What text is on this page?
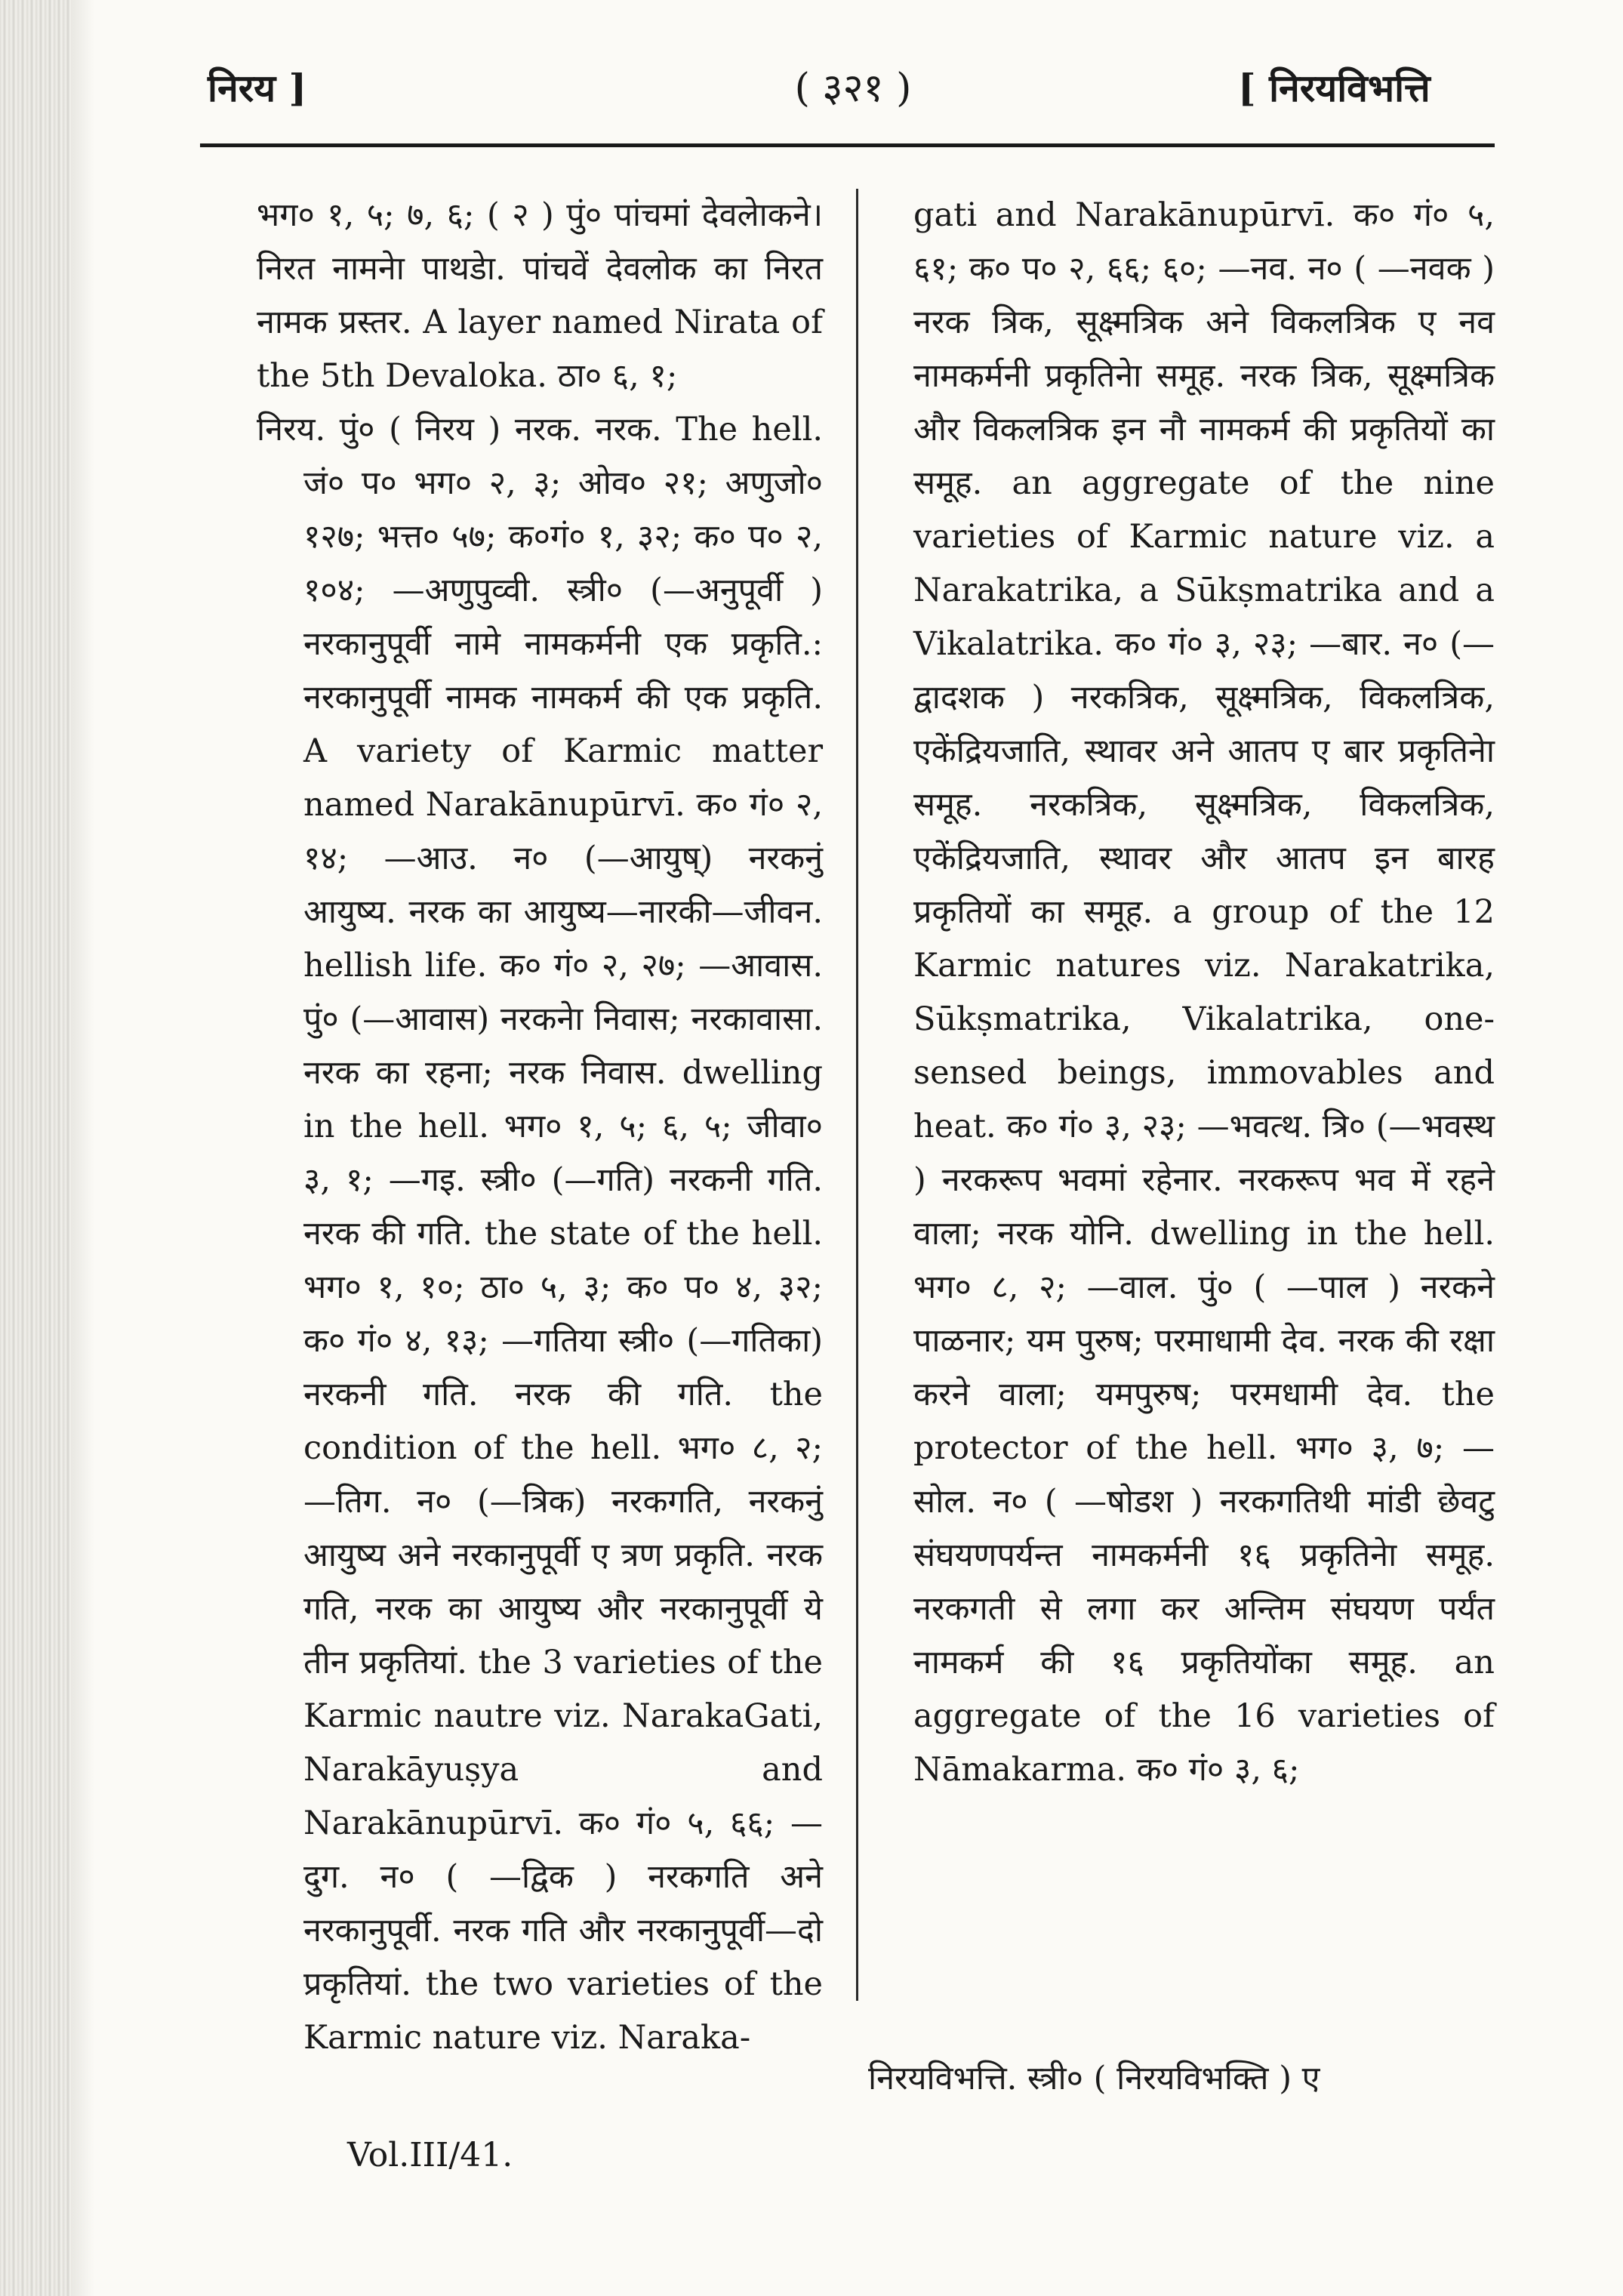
निरय ]	( ३२१ )	[ निरयविभत्ति

भग० १, ५; ७, ६; ( २ ) पुं० पांचमां देवलेाकने। निरत नामनेा पाथडेा. पांचवें देवलोक का निरत नामक प्रस्तर. A layer named Nirata of the 5th Devaloka. ठा० ६, १;

निरय. पुं० ( निरय ) नरक. नरक. The hell. जं० प० भग० २, ३; ओव० २१; अणुजो० १२७; भत्त० ५७; क०गं० १, ३२; क० प० २, १०४; —अणुपुव्वी. स्त्री० (—अनुपूर्वी ) नरकानुपूर्वी नामे नामकर्मनी एक प्रकृति.: नरकानुपूर्वी नामक नामकर्म की एक प्रकृति. A variety of Karmic matter named Narakānupūrvī. क० गं० २, १४; —आउ. न० (—आयुष्) नरकनुं आयुष्य. नरक का आयुष्य—नारकी—जीवन. hellish life. क० गं० २, २७; —आवास. पुं० (—आवास) नरकनेा निवास; नरकावासा. नरक का रहना; नरक निवास. dwelling in the hell. भग० १, ५; ६, ५; जीवा० ३, १; —गइ. स्त्री० (—गति) नरकनी गति. नरक की गति. the state of the hell. भग० १, १०; ठा० ५, ३; क० प० ४, ३२; क० गं० ४, १३; —गतिया स्त्री० (—गतिका) नरकनी गति. नरक की गति. the condition of the hell. भग० ८, २; —तिग. न० (—त्रिक) नरकगति, नरकनुं आयुष्य अने नरकानुपूर्वी ए त्रण प्रकृति. नरक गति, नरक का आयुष्य और नरकानुपूर्वी ये तीन प्रकृतियां. the 3 varieties of the Karmic nautre viz. NarakaGati, Narakāyuṣya and Narakānupūrvī. क० गं० ५, ६६; —दुग. न० ( —द्विक ) नरकगति अने नरकानुपूर्वी. नरक गति और नरकानुपूर्वी—दो प्रकृतियां. the two varieties of the Karmic nature viz. Naraka-

gati and Narakānupūrvī. क० गं० ५, ६१; क० प० २, ६६; ६०; —नव. न० ( —नवक ) नरक त्रिक, सूक्ष्मत्रिक अने विकलत्रिक ए नव नामकर्मनी प्रकृतिनेा समूह. नरक त्रिक, सूक्ष्मत्रिक और विकलत्रिक इन नौ नामकर्म की प्रकृतियों का समूह. an aggregate of the nine varieties of Karmic nature viz. a Narakatrika, a Sūkṣmatrika and a Vikalatrika. क० गं० ३, २३; —बार. न० (—द्वादशक ) नरकत्रिक, सूक्ष्मत्रिक, विकलत्रिक, एकेंद्रियजाति, स्थावर अने आतप ए बार प्रकृतिनेा समूह. नरकत्रिक, सूक्ष्मत्रिक, विकलत्रिक, एकेंद्रियजाति, स्थावर और आतप इन बारह प्रकृतियों का समूह. a group of the 12 Karmic natures viz. Narakatrika, Sūkṣmatrika, Vikalatrika, one-sensed beings, immovables and heat. क० गं० ३, २३; —भवत्थ. त्रि० (—भवस्थ ) नरकरूप भवमां रहेनार. नरकरूप भव में रहने वाला; नरक योनि. dwelling in the hell. भग० ८, २; —वाल. पुं० ( —पाल ) नरकने पाळनार; यम पुरुष; परमाधामी देव. नरक की रक्षा करने वाला; यमपुरुष; परमधामी देव. the protector of the hell. भग० ३, ७; —सोल. न० ( —षोडश ) नरकगतिथी मांडी छेवटु संघयणपर्यन्त नामकर्मनी १६ प्रकृतिनेा समूह. नरकगती से लगा कर अन्तिम संघयण पर्यंत नामकर्म की १६ प्रकृतियोंका समूह. an aggregate of the 16 varieties of Nāmakarma. क० गं० ३, ६;

निरयविभत्ति. स्त्री० ( निरयविभक्ति ) ए
Vol.III/41.
